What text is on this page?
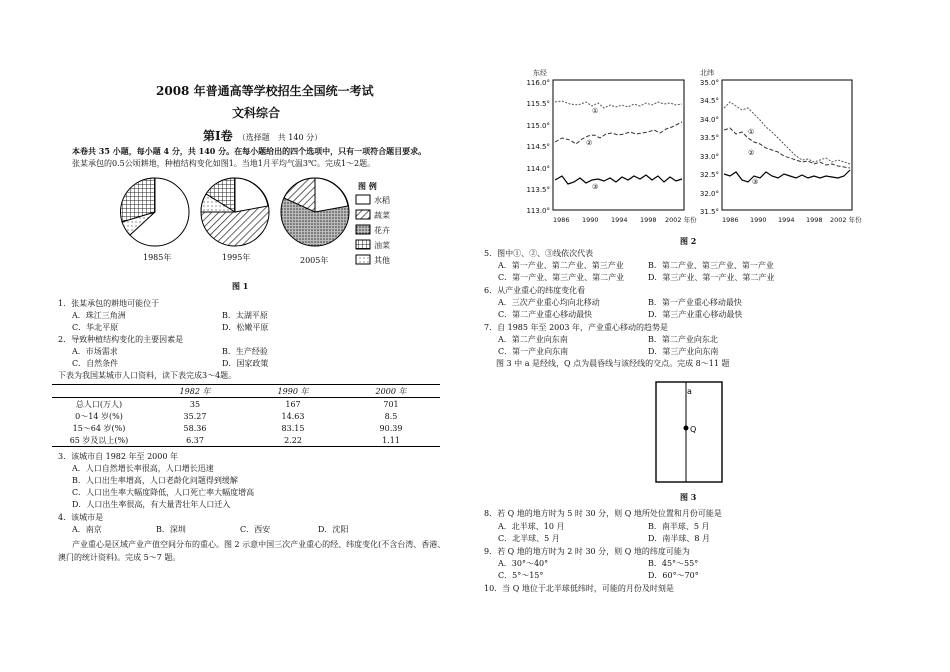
2008 年普通高等学校招生全国统一考试
文科综合
第Ⅰ卷 （选择题　共 140 分）
本卷共 35 小题，每小题 4 分，共 140 分。在每小题给出的四个选项中，只有一项符合题目要求。
张某承包的0.5公顷耕地，种植结构变化如图1。当地1月平均气温3℃。完成1～2题。
图 例
水稻
蔬菜
花卉
油菜
其他
1985年	1995年	2005年
图 1
1．张某承包的耕地可能位于
A．珠江三角洲	B．太湖平原
C．华北平原	D．松嫩平原
2．导致种植结构变化的主要因素是
A．市场需求	B．生产经验
C．自然条件	D．国家政策
下表为我国某城市人口资料，读下表完成3～4题。
	1982 年	1990 年	2000 年
总人口(万人)	35	167	701
0～14 岁(%)	35.27	14.63	8.5
15～64 岁(%)	58.36	83.15	90.39
65 岁及以上(%)	6.37	2.22	1.11
3．该城市自 1982 年至 2000 年
A．人口自然增长率很高，人口增长迅速
B．人口出生率增高，人口老龄化问题得到缓解
C．人口出生率大幅度降低，人口死亡率大幅度增高
D．人口出生率很高，有大量青壮年人口迁入
4．该城市是
A．南京	B．深圳	C．西安	D．沈阳
产业重心是区域产业产值空间分布的重心。图 2 示意中国三次产业重心的经、纬度变化(不含台湾、香港、
澳门的统计资料)。完成 5～7 题。
东经
116.0°
115.5°
115.0°
114.5°
114.0°
113.5°
113.0°
1986 1990 1994 1998 2002 年份
①
②
③
北纬
35.0°
34.5°
34.0°
33.5°
33.0°
32.5°
32.0°
31.5°
1986 1990 1994 1998 2002 年份
①
②
③
图 2
5．图中①、②、③线依次代表
A．第一产业、第二产业、第三产业	B．第二产业、第三产业、第一产业
C．第一产业、第三产业、第二产业	D．第三产业、第一产业、第二产业
6．从产业重心的纬度变化看
A．三次产业重心均向北移动	B．第一产业重心移动最快
C．第二产业重心移动最快	D．第三产业重心移动最快
7．自 1985 年至 2003 年，产业重心移动的趋势是
A．第二产业向东南	B．第二产业向东北
C．第一产业向东南	D．第三产业向东南
图 3 中 a 是经线，Q 点为晨昏线与该经线的交点。完成 8～11 题
a
Q
图 3
8．若 Q 地的地方时为 5 时 30 分，则 Q 地所处位置和月份可能是
A．北半球、10 月	B．南半球、5 月
C．北半球、5 月	D．南半球、8 月
9．若 Q 地的地方时为 2 时 30 分，则 Q 地的纬度可能为
A．30°～40°	B．45°～55°
C．5°～15°	D．60°～70°
10．当 Q 地位于北半球低纬时，可能的月份及时刻是
